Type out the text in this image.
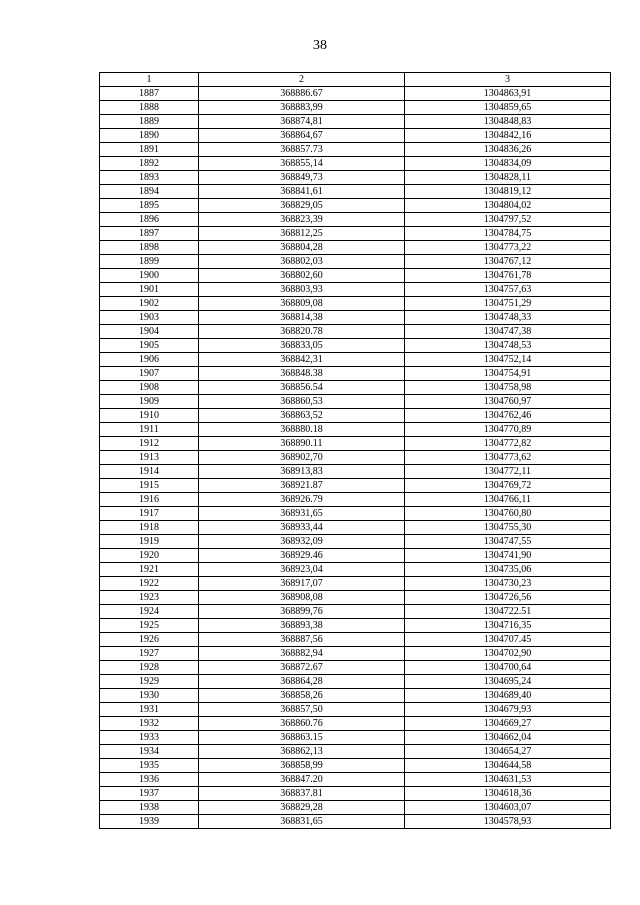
38
1	2	3
1887	368886.67	1304863,91
1888	368883,99	1304859,65
1889	368874,81	1304848,83
1890	368864,67	1304842,16
1891	368857.73	1304836,26
1892	368855,14	1304834,09
1893	368849,73	1304828,11
1894	368841,61	1304819,12
1895	368829,05	1304804,02
1896	368823,39	1304797,52
1897	368812,25	1304784,75
1898	368804,28	1304773,22
1899	368802,03	1304767,12
1900	368802,60	1304761,78
1901	368803,93	1304757,63
1902	368809,08	1304751,29
1903	368814,38	1304748,33
1904	368820.78	1304747,38
1905	368833,05	1304748,53
1906	368842,31	1304752,14
1907	368848.38	1304754,91
1908	368856.54	1304758,98
1909	368860,53	1304760,97
1910	368863,52	1304762,46
1911	368880.18	1304770,89
1912	368890.11	1304772,82
1913	368902,70	1304773,62
1914	368913,83	1304772,11
1915	368921.87	1304769,72
1916	368926.79	1304766,11
1917	368931,65	1304760,80
1918	368933,44	1304755,30
1919	368932,09	1304747,55
1920	368929.46	1304741,90
1921	368923,04	1304735,06
1922	368917,07	1304730,23
1923	368908,08	1304726,56
1924	368899,76	1304722.51
1925	368893,38	1304716,35
1926	368887,56	1304707.45
1927	368882,94	1304702,90
1928	368872.67	1304700,64
1929	368864,28	1304695,24
1930	368858,26	1304689,40
1931	368857,50	1304679,93
1932	368860.76	1304669,27
1933	368863.15	1304662,04
1934	368862,13	1304654,27
1935	368858,99	1304644,58
1936	368847.20	1304631,53
1937	368837.81	1304618,36
1938	368829,28	1304603,07
1939	368831,65	1304578,93
